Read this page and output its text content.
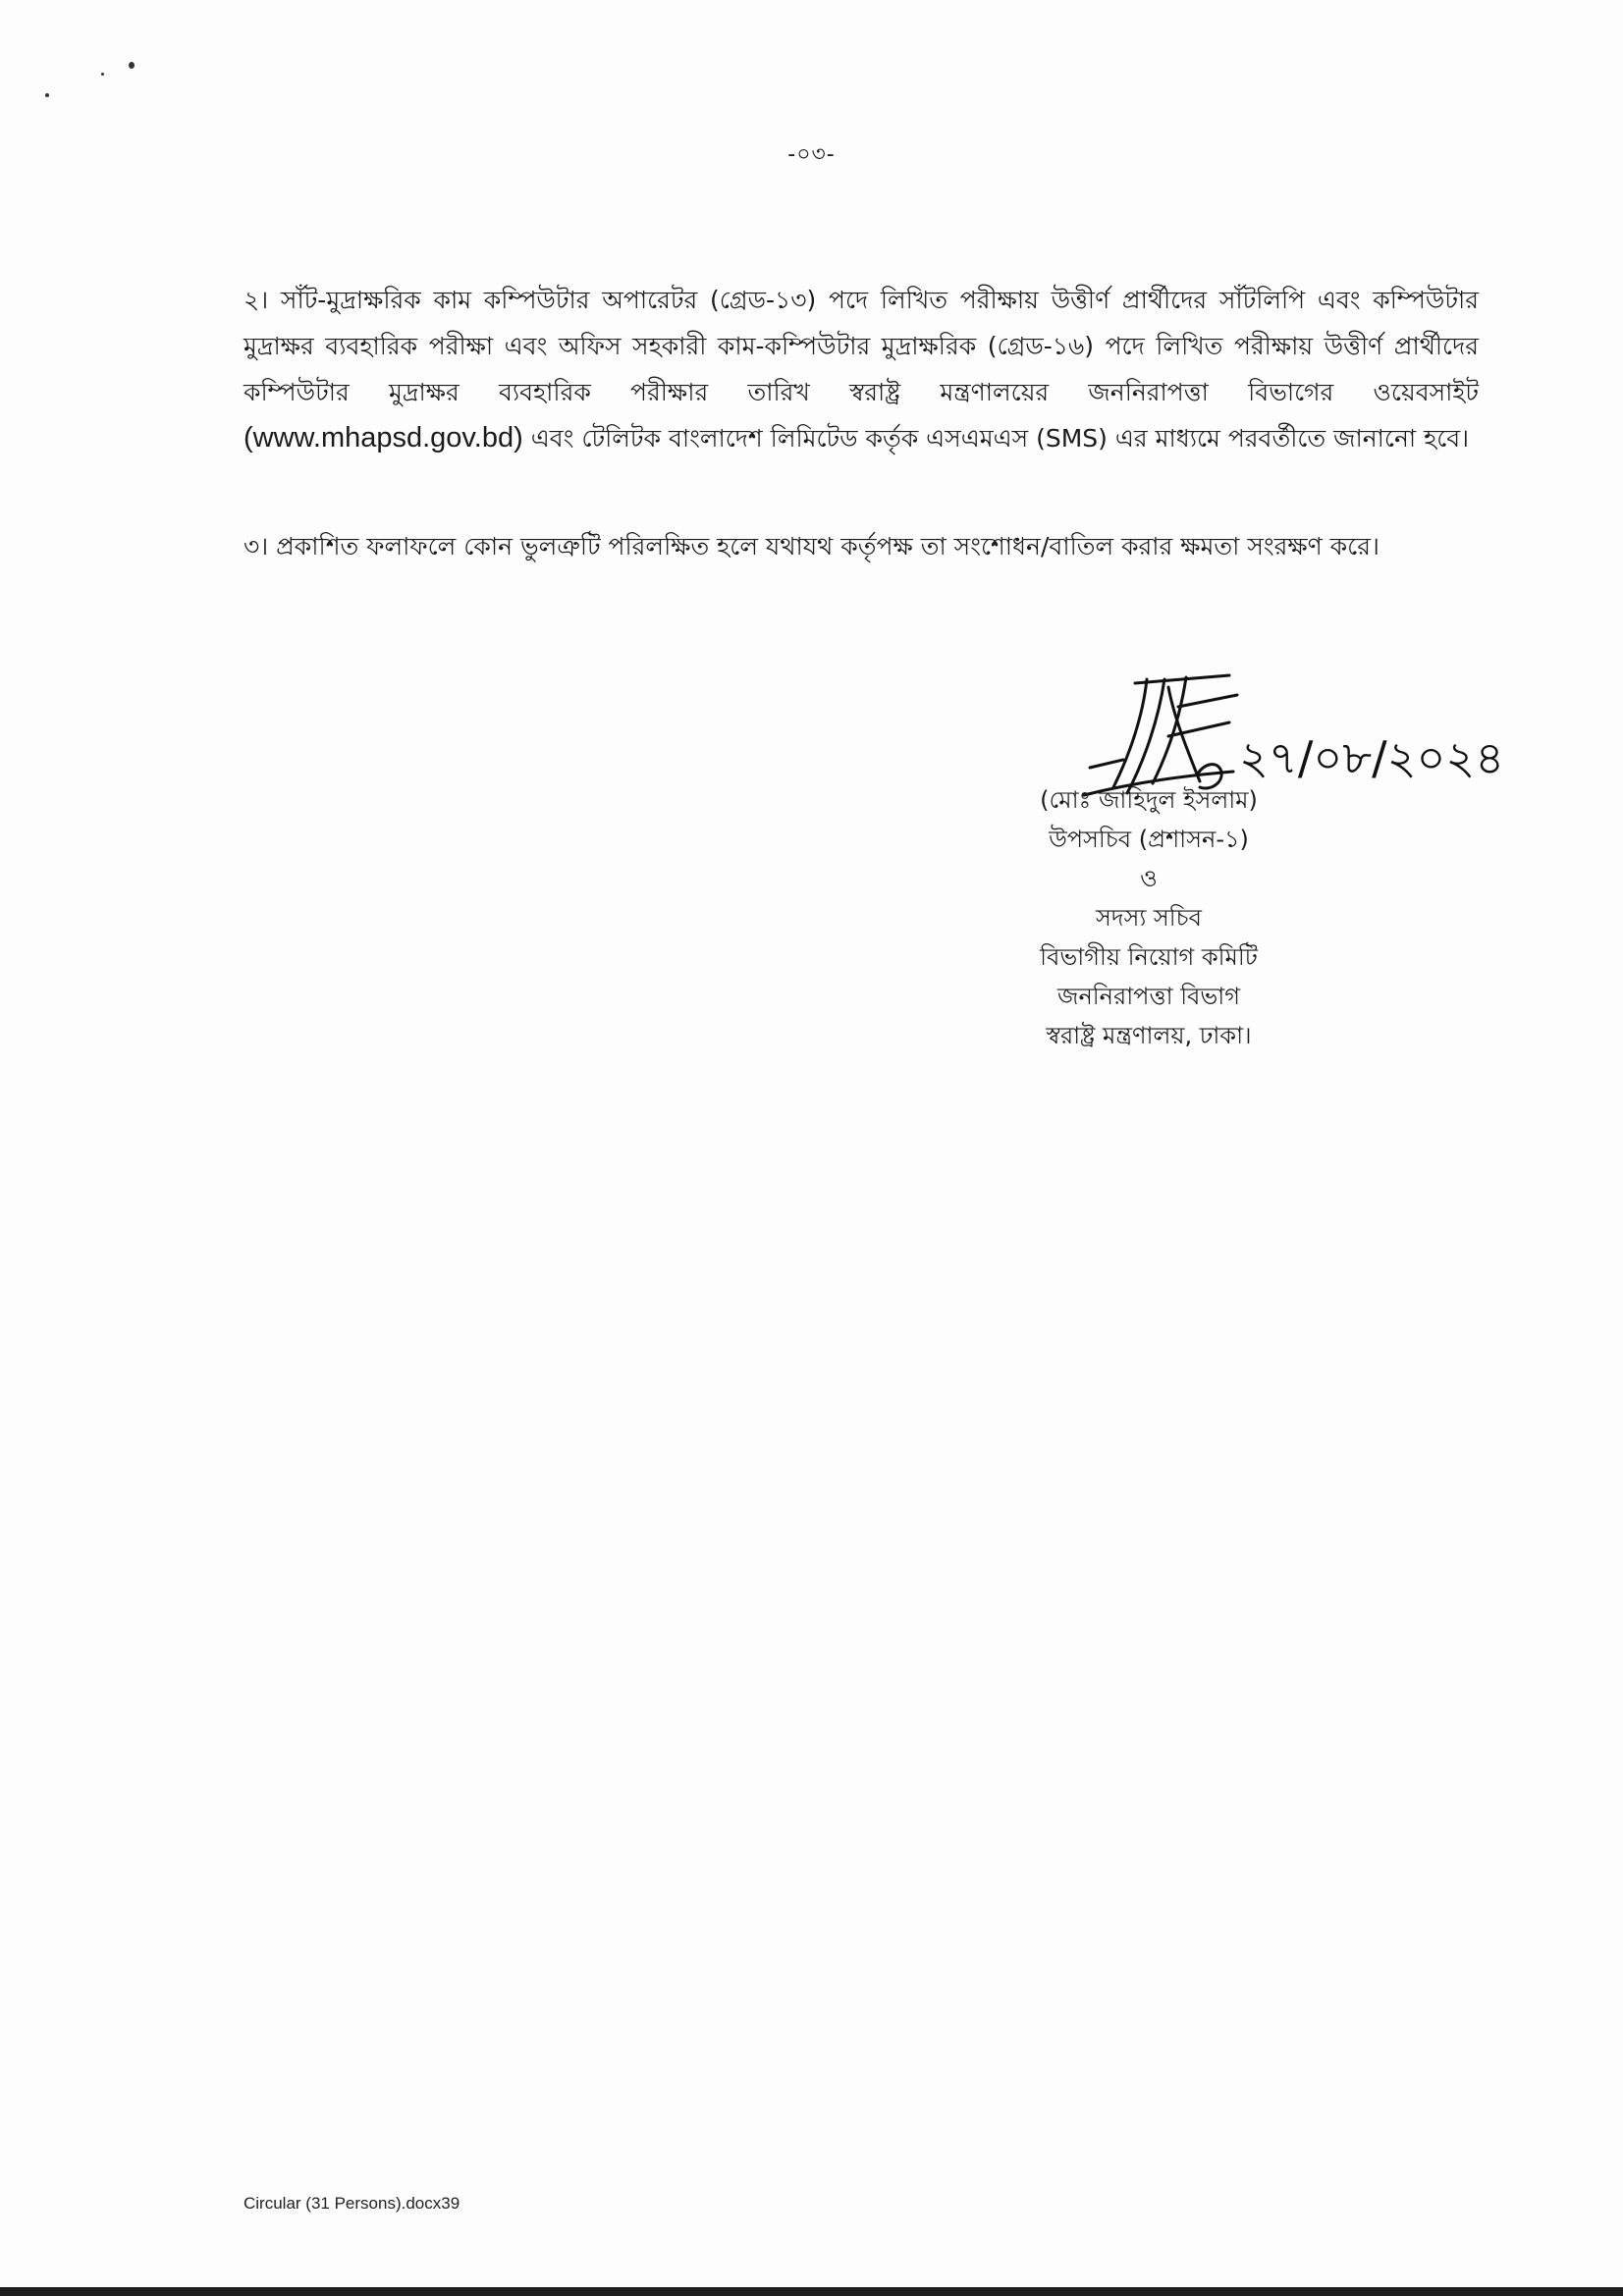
-০৩-

২। সাঁট-মুদ্রাক্ষরিক কাম কম্পিউটার অপারেটর (গ্রেড-১৩) পদে লিখিত পরীক্ষায় উত্তীর্ণ প্রার্থীদের সাঁটলিপি এবং কম্পিউটার মুদ্রাক্ষর ব্যবহারিক পরীক্ষা এবং অফিস সহকারী কাম-কম্পিউটার মুদ্রাক্ষরিক (গ্রেড-১৬) পদে লিখিত পরীক্ষায় উত্তীর্ণ প্রার্থীদের কম্পিউটার মুদ্রাক্ষর ব্যবহারিক পরীক্ষার তারিখ স্বরাষ্ট্র মন্ত্রণালয়ের জননিরাপত্তা বিভাগের ওয়েবসাইট (www.mhapsd.gov.bd) এবং টেলিটক বাংলাদেশ লিমিটেড কর্তৃক এসএমএস (SMS) এর মাধ্যমে পরবর্তীতে জানানো হবে।

৩। প্রকাশিত ফলাফলে কোন ভুলত্রুটি পরিলক্ষিত হলে যথাযথ কর্তৃপক্ষ তা সংশোধন/বাতিল করার ক্ষমতা সংরক্ষণ করে।

২৭/০৮/২০২৪
(মোঃ জাহিদুল ইসলাম)
উপসচিব (প্রশাসন-১)
ও
সদস্য সচিব
বিভাগীয় নিয়োগ কমিটি
জননিরাপত্তা বিভাগ
স্বরাষ্ট্র মন্ত্রণালয়, ঢাকা।
Circular (31 Persons).docx39
